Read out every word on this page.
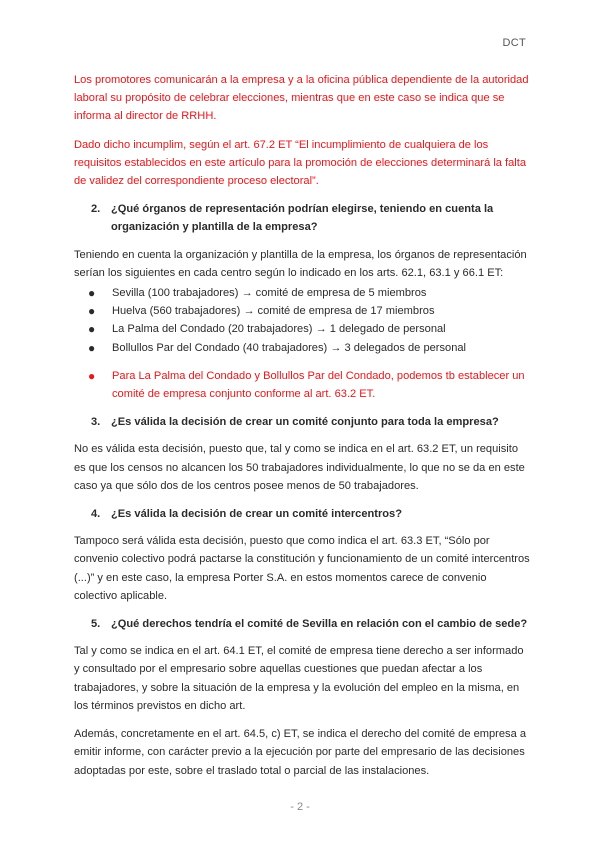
DCT

Los promotores comunicarán a la empresa y a la oficina pública dependiente de la autoridad laboral su propósito de celebrar elecciones, mientras que en este caso se indica que se informa al director de RRHH.

Dado dicho incumplim, según el art. 67.2 ET “El incumplimiento de cualquiera de los requisitos establecidos en este artículo para la promoción de elecciones determinará la falta de validez del correspondiente proceso electoral”.

2. ¿Qué órganos de representación podrían elegirse, teniendo en cuenta la organización y plantilla de la empresa?

Teniendo en cuenta la organización y plantilla de la empresa, los órganos de representación serían los siguientes en cada centro según lo indicado en los arts. 62.1, 63.1 y 66.1 ET:

●	Sevilla (100 trabajadores) → comité de empresa de 5 miembros
●	Huelva (560 trabajadores) → comité de empresa de 17 miembros
●	La Palma del Condado (20 trabajadores) → 1 delegado de personal
●	Bollullos Par del Condado (40 trabajadores) → 3 delegados de personal
●	Para La Palma del Condado y Bollullos Par del Condado, podemos tb establecer un comité de empresa conjunto conforme al art. 63.2 ET.
3. ¿Es válida la decisión de crear un comité conjunto para toda la empresa?

No es válida esta decisión, puesto que, tal y como se indica en el art. 63.2 ET, un requisito es que los censos no alcancen los 50 trabajadores individualmente, lo que no se da en este caso ya que sólo dos de los centros posee menos de 50 trabajadores.

4. ¿Es válida la decisión de crear un comité intercentros?

Tampoco será válida esta decisión, puesto que como indica el art. 63.3 ET, “Sólo por convenio colectivo podrá pactarse la constitución y funcionamiento de un comité intercentros (...)” y en este caso, la empresa Porter S.A. en estos momentos carece de convenio colectivo aplicable.

5. ¿Qué derechos tendría el comité de Sevilla en relación con el cambio de sede?

Tal y como se indica en el art. 64.1 ET, el comité de empresa tiene derecho a ser informado y consultado por el empresario sobre aquellas cuestiones que puedan afectar a los trabajadores, y sobre la situación de la empresa y la evolución del empleo en la misma, en los términos previstos en dicho art.

Además, concretamente en el art. 64.5, c) ET, se indica el derecho del comité de empresa a emitir informe, con carácter previo a la ejecución por parte del empresario de las decisiones adoptadas por este, sobre el traslado total o parcial de las instalaciones.

- 2 -
